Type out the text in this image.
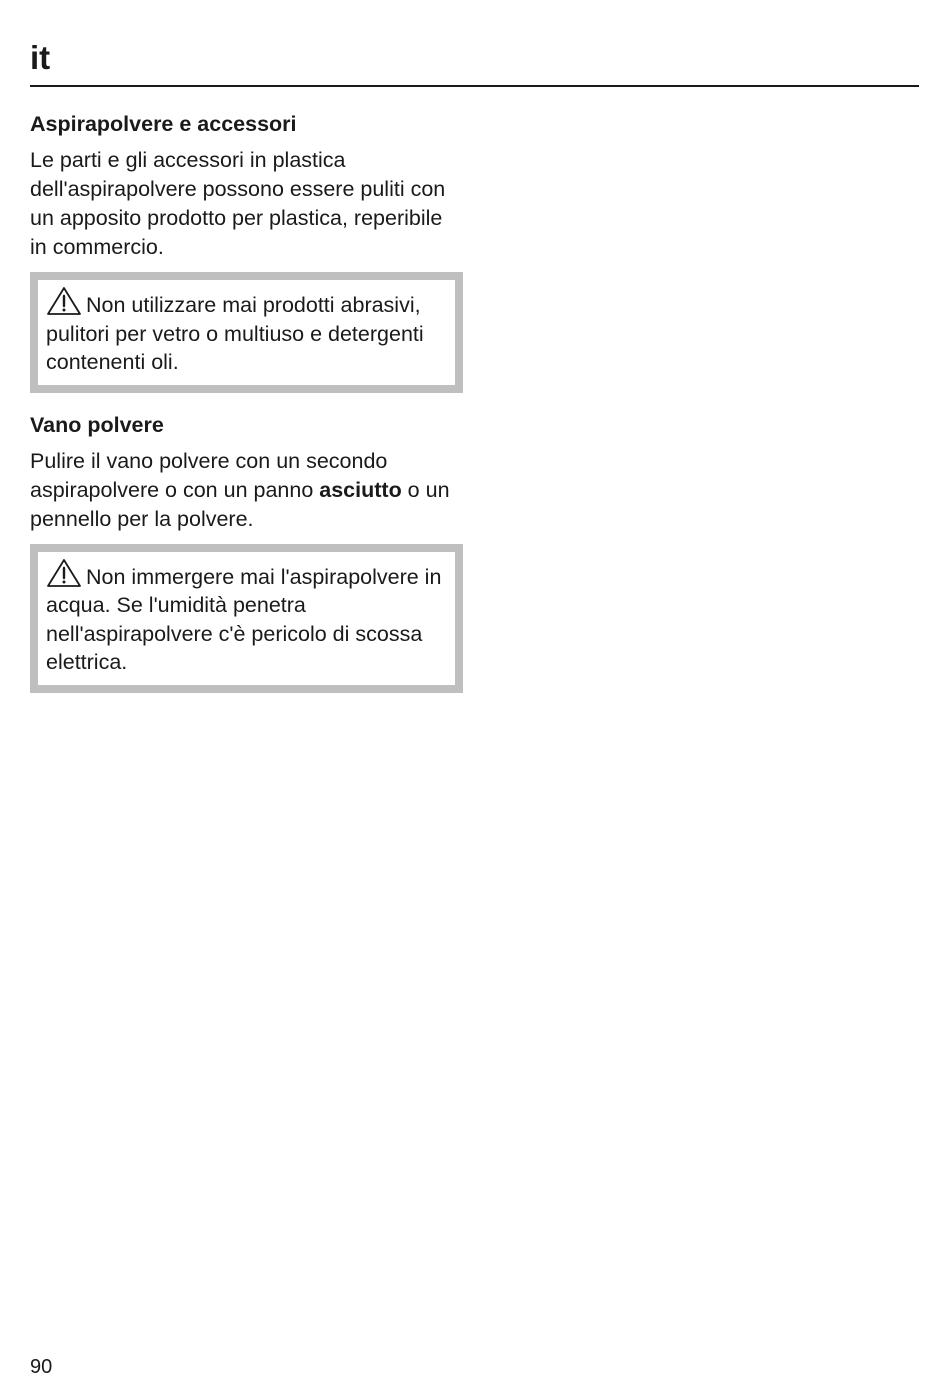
it
Aspirapolvere e accessori

Le parti e gli accessori in plastica dell'aspirapolvere possono essere puliti con un apposito prodotto per plastica, reperibile in commercio.

Non utilizzare mai prodotti abrasivi, pulitori per vetro o multiuso e detergenti contenenti oli.
Vano polvere

Pulire il vano polvere con un secondo aspirapolvere o con un panno asciutto o un pennello per la polvere.

Non immergere mai l'aspirapolvere in acqua. Se l'umidità penetra nell'aspirapolvere c'è pericolo di scossa elettrica.
90
